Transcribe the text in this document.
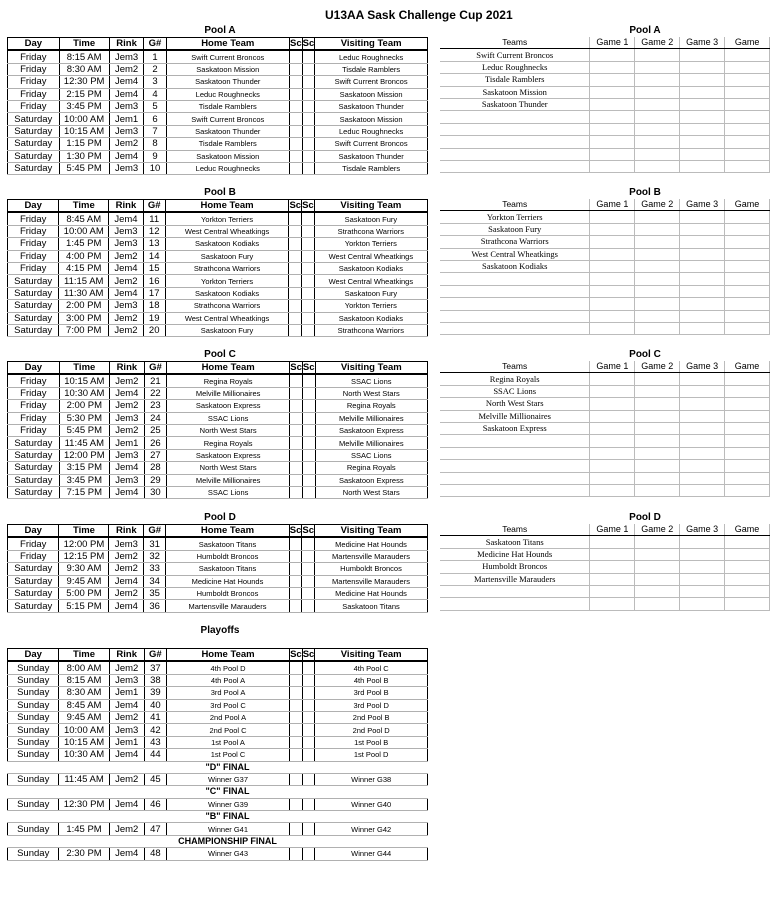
U13AA Sask Challenge Cup 2021
Pool A	Pool A
Day	Time	Rink	G#	Home Team	Sc	Sc	Visiting Team
Friday	8:15 AM	Jem3	1	Swift Current Broncos			Leduc Roughnecks
Friday	8:30 AM	Jem2	2	Saskatoon Mission			Tisdale Ramblers
Friday	12:30 PM	Jem4	3	Saskatoon Thunder			Swift Current Broncos
Friday	2:15 PM	Jem4	4	Leduc Roughnecks			Saskatoon Mission
Friday	3:45 PM	Jem3	5	Tisdale Ramblers			Saskatoon Thunder
Saturday	10:00 AM	Jem1	6	Swift Current Broncos			Saskatoon Mission
Saturday	10:15 AM	Jem3	7	Saskatoon Thunder			Leduc Roughnecks
Saturday	1:15 PM	Jem2	8	Tisdale Ramblers			Swift Current Broncos
Saturday	1:30 PM	Jem4	9	Saskatoon Mission			Saskatoon Thunder
Saturday	5:45 PM	Jem3	10	Leduc Roughnecks			Tisdale Ramblers
Teams	Game 1	Game 2	Game 3	Game
Swift Current Broncos				
Leduc Roughnecks				
Tisdale Ramblers				
Saskatoon Mission				
Saskatoon Thunder				

Pool B	Pool B
Day	Time	Rink	G#	Home Team	Sc	Sc	Visiting Team
Friday	8:45 AM	Jem4	11	Yorkton Terriers			Saskatoon Fury
Friday	10:00 AM	Jem3	12	West Central Wheatkings			Strathcona Warriors
Friday	1:45 PM	Jem3	13	Saskatoon Kodiaks			Yorkton Terriers
Friday	4:00 PM	Jem2	14	Saskatoon Fury			West Central Wheatkings
Friday	4:15 PM	Jem4	15	Strathcona Warriors			Saskatoon Kodiaks
Saturday	11:15 AM	Jem2	16	Yorkton Terriers			West Central Wheatkings
Saturday	11:30 AM	Jem4	17	Saskatoon Kodiaks			Saskatoon Fury
Saturday	2:00 PM	Jem3	18	Strathcona Warriors			Yorkton Terriers
Saturday	3:00 PM	Jem2	19	West Central Wheatkings			Saskatoon Kodiaks
Saturday	7:00 PM	Jem2	20	Saskatoon Fury			Strathcona Warriors
Teams	Game 1	Game 2	Game 3	Game
Yorkton Terriers				
Saskatoon Fury				
Strathcona Warriors				
West Central Wheatkings				
Saskatoon Kodiaks				

Pool C	Pool C
Day	Time	Rink	G#	Home Team	Sc	Sc	Visiting Team
Friday	10:15 AM	Jem2	21	Regina Royals			SSAC Lions
Friday	10:30 AM	Jem4	22	Melville Millionaires			North West Stars
Friday	2:00 PM	Jem2	23	Saskatoon Express			Regina Royals
Friday	5:30 PM	Jem3	24	SSAC Lions			Melville Millionaires
Friday	5:45 PM	Jem2	25	North West Stars			Saskatoon Express
Saturday	11:45 AM	Jem1	26	Regina Royals			Melville Millionaires
Saturday	12:00 PM	Jem3	27	Saskatoon Express			SSAC Lions
Saturday	3:15 PM	Jem4	28	North West Stars			Regina Royals
Saturday	3:45 PM	Jem3	29	Melville Millionaires			Saskatoon Express
Saturday	7:15 PM	Jem4	30	SSAC Lions			North West Stars
Teams	Game 1	Game 2	Game 3	Game
Regina Royals				
SSAC Lions				
North West Stars				
Melville Millionaires				
Saskatoon Express				

Pool D	Pool D
Day	Time	Rink	G#	Home Team	Sc	Sc	Visiting Team
Friday	12:00 PM	Jem3	31	Saskatoon Titans			Medicine Hat Hounds
Friday	12:15 PM	Jem2	32	Humboldt Broncos			Martensville Marauders
Saturday	9:30 AM	Jem2	33	Saskatoon Titans			Humboldt Broncos
Saturday	9:45 AM	Jem4	34	Medicine Hat Hounds			Martensville Marauders
Saturday	5:00 PM	Jem2	35	Humboldt Broncos			Medicine Hat Hounds
Saturday	5:15 PM	Jem4	36	Martensville Marauders			Saskatoon Titans
Teams	Game 1	Game 2	Game 3	Game
Saskatoon Titans				
Medicine Hat Hounds				
Humboldt Broncos				
Martensville Marauders				

Playoffs
Day	Time	Rink	G#	Home Team	Sc	Sc	Visiting Team
Sunday	8:00 AM	Jem2	37	4th Pool D			4th Pool C
Sunday	8:15 AM	Jem3	38	4th Pool A			4th Pool B
Sunday	8:30 AM	Jem1	39	3rd Pool A			3rd Pool B
Sunday	8:45 AM	Jem4	40	3rd Pool C			3rd Pool D
Sunday	9:45 AM	Jem2	41	2nd Pool A			2nd Pool B
Sunday	10:00 AM	Jem3	42	2nd Pool C			2nd Pool D
Sunday	10:15 AM	Jem1	43	1st Pool A			1st Pool B
Sunday	10:30 AM	Jem4	44	1st Pool C			1st Pool D
"D" FINAL							
Sunday	11:45 AM	Jem2	45	Winner G37			Winner G38
"C" FINAL							
Sunday	12:30 PM	Jem4	46	Winner G39			Winner G40
"B" FINAL							
Sunday	1:45 PM	Jem2	47	Winner G41			Winner G42
CHAMPIONSHIP FINAL							
Sunday	2:30 PM	Jem4	48	Winner G43			Winner G44
